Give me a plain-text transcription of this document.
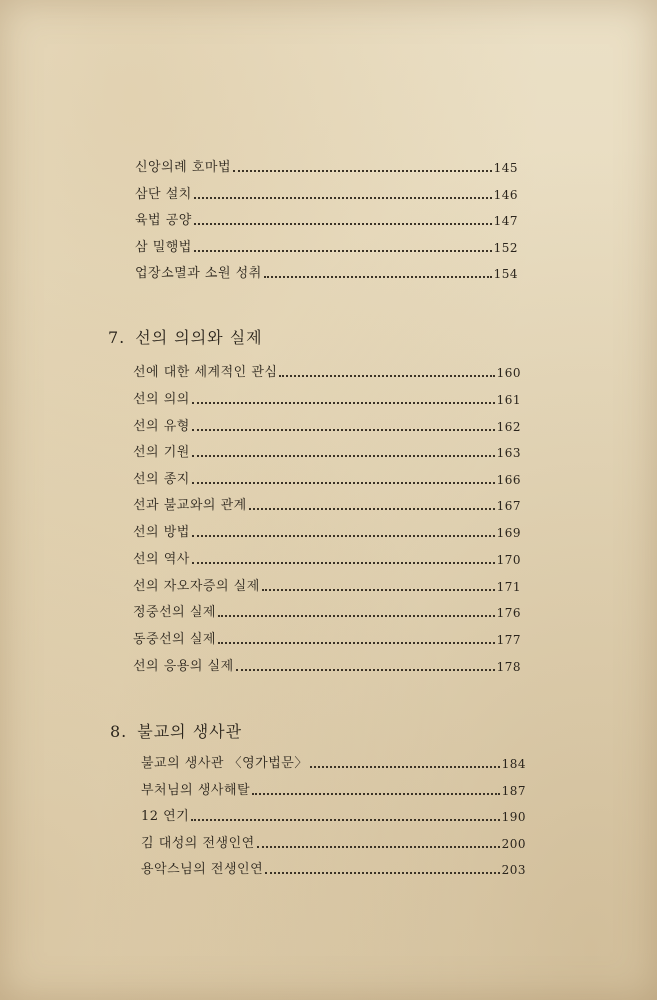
신앙의례 호마법	145
삼단 설치	146
육법 공양	147
삼 밀행법	152
업장소멸과 소원 성취	154
7. 선의 의의와 실제
선에 대한 세계적인 관심	160
선의 의의	161
선의 유형	162
선의 기원	163
선의 종지	166
선과 불교와의 관계	167
선의 방법	169
선의 역사	170
선의 자오자증의 실제	171
정중선의 실제	176
동중선의 실제	177
선의 응용의 실제	178
8. 불교의 생사관
불교의 생사관 〈영가법문〉	184
부처님의 생사해탈	187
12 연기	190
김 대성의 전생인연	200
용악스님의 전생인연	203
